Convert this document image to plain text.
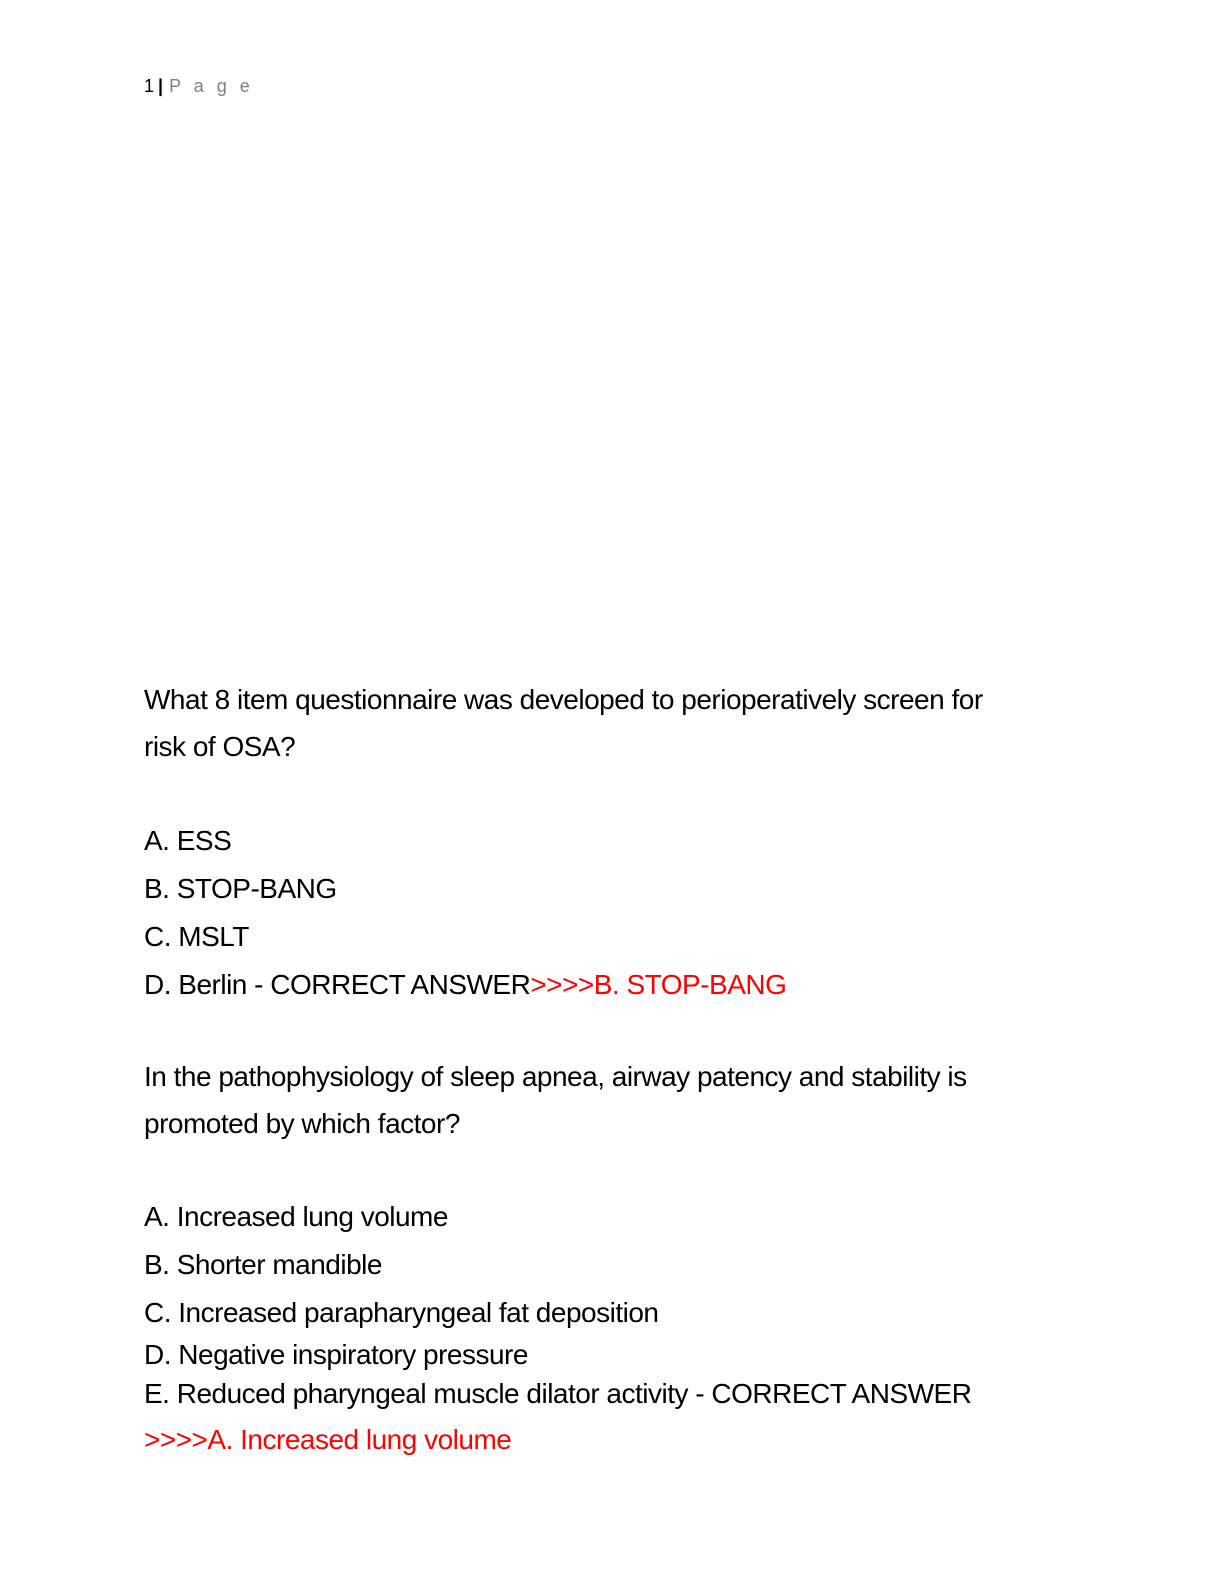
1 | P a g e
What 8 item questionnaire was developed to perioperatively screen for
risk of OSA?
A. ESS
B. STOP-BANG
C. MSLT
D. Berlin - CORRECT ANSWER>>>>B. STOP-BANG
In the pathophysiology of sleep apnea, airway patency and stability is
promoted by which factor?
A. Increased lung volume
B. Shorter mandible
C. Increased parapharyngeal fat deposition
D. Negative inspiratory pressure
E. Reduced pharyngeal muscle dilator activity - CORRECT ANSWER
>>>>A. Increased lung volume
